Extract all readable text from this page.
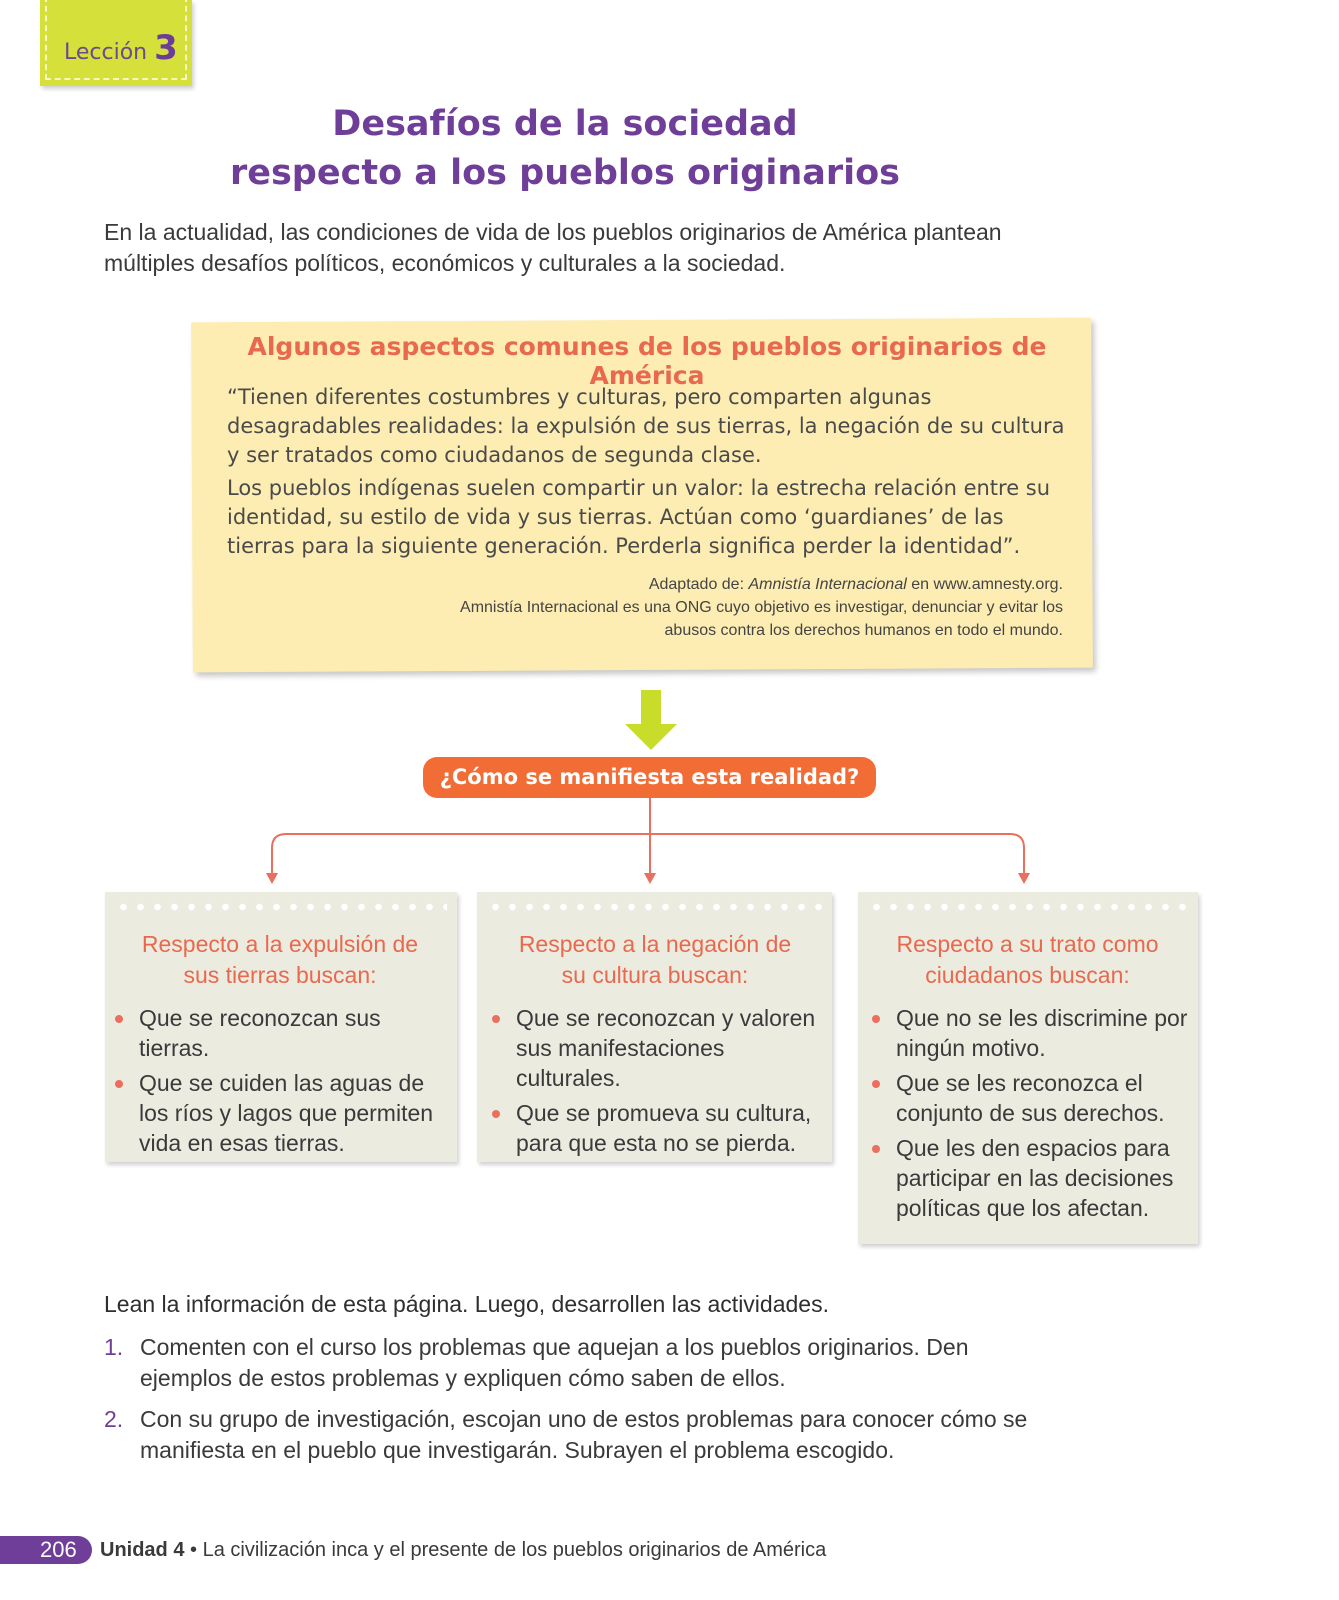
Lección 3
Desafíos de la sociedad
respecto a los pueblos originarios
En la actualidad, las condiciones de vida de los pueblos originarios de América plantean múltiples desafíos políticos, económicos y culturales a la sociedad.
Algunos aspectos comunes de los pueblos originarios de América

“Tienen diferentes costumbres y culturas, pero comparten algunas desagradables realidades: la expulsión de sus tierras, la negación de su cultura y ser tratados como ciudadanos de segunda clase.

Los pueblos indígenas suelen compartir un valor: la estrecha relación entre su identidad, su estilo de vida y sus tierras. Actúan como ‘guardianes’ de las tierras para la siguiente generación. Perderla significa perder la identidad”.

Adaptado de: Amnistía Internacional en www.amnesty.org.
Amnistía Internacional es una ONG cuyo objetivo es investigar, denunciar y evitar los abusos contra los derechos humanos en todo el mundo.
¿Cómo se manifiesta esta realidad?
Respecto a la expulsión de sus tierras buscan:
Que se reconozcan sus tierras.
Que se cuiden las aguas de los ríos y lagos que permiten vida en esas tierras.
Respecto a la negación de su cultura buscan:
Que se reconozcan y valoren sus manifestaciones culturales.
Que se promueva su cultura, para que esta no se pierda.
Respecto a su trato como ciudadanos buscan:
Que no se les discrimine por ningún motivo.
Que se les reconozca el conjunto de sus derechos.
Que les den espacios para participar en las decisiones políticas que los afectan.
Lean la información de esta página. Luego, desarrollen las actividades.
1. Comenten con el curso los problemas que aquejan a los pueblos originarios. Den ejemplos de estos problemas y expliquen cómo saben de ellos.
2. Con su grupo de investigación, escojan uno de estos problemas para conocer cómo se manifiesta en el pueblo que investigarán. Subrayen el problema escogido.
206 Unidad 4 • La civilización inca y el presente de los pueblos originarios de América
